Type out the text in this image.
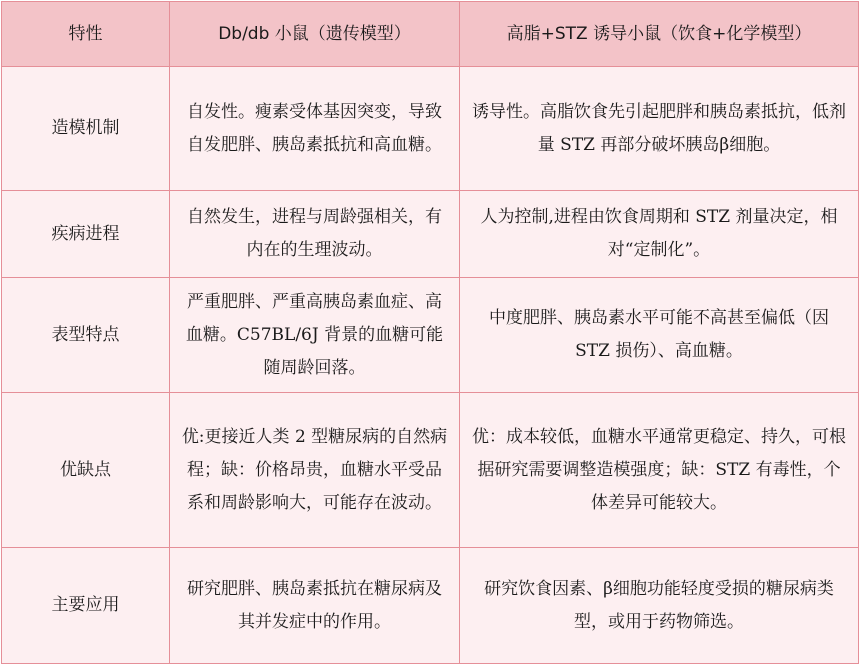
特性	Db/db 小鼠（遗传模型）	高脂+STZ 诱导小鼠（饮食+化学模型）
造模机制	自发性。瘦素受体基因突变，导致自发肥胖、胰岛素抵抗和高血糖。	诱导性。高脂饮食先引起肥胖和胰岛素抵抗，低剂量 STZ 再部分破坏胰岛β细胞。
疾病进程	自然发生，进程与周龄强相关，有内在的生理波动。	人为控制,进程由饮食周期和 STZ 剂量决定，相对“定制化”。
表型特点	严重肥胖、严重高胰岛素血症、高血糖。C57BL/6J 背景的血糖可能随周龄回落。	中度肥胖、胰岛素水平可能不高甚至偏低（因 STZ 损伤）、高血糖。
优缺点	优:更接近人类 2 型糖尿病的自然病程；缺：价格昂贵，血糖水平受品系和周龄影响大，可能存在波动。	优：成本较低，血糖水平通常更稳定、持久，可根据研究需要调整造模强度；缺：STZ 有毒性，个体差异可能较大。
主要应用	研究肥胖、胰岛素抵抗在糖尿病及其并发症中的作用。	研究饮食因素、β细胞功能轻度受损的糖尿病类型，或用于药物筛选。
